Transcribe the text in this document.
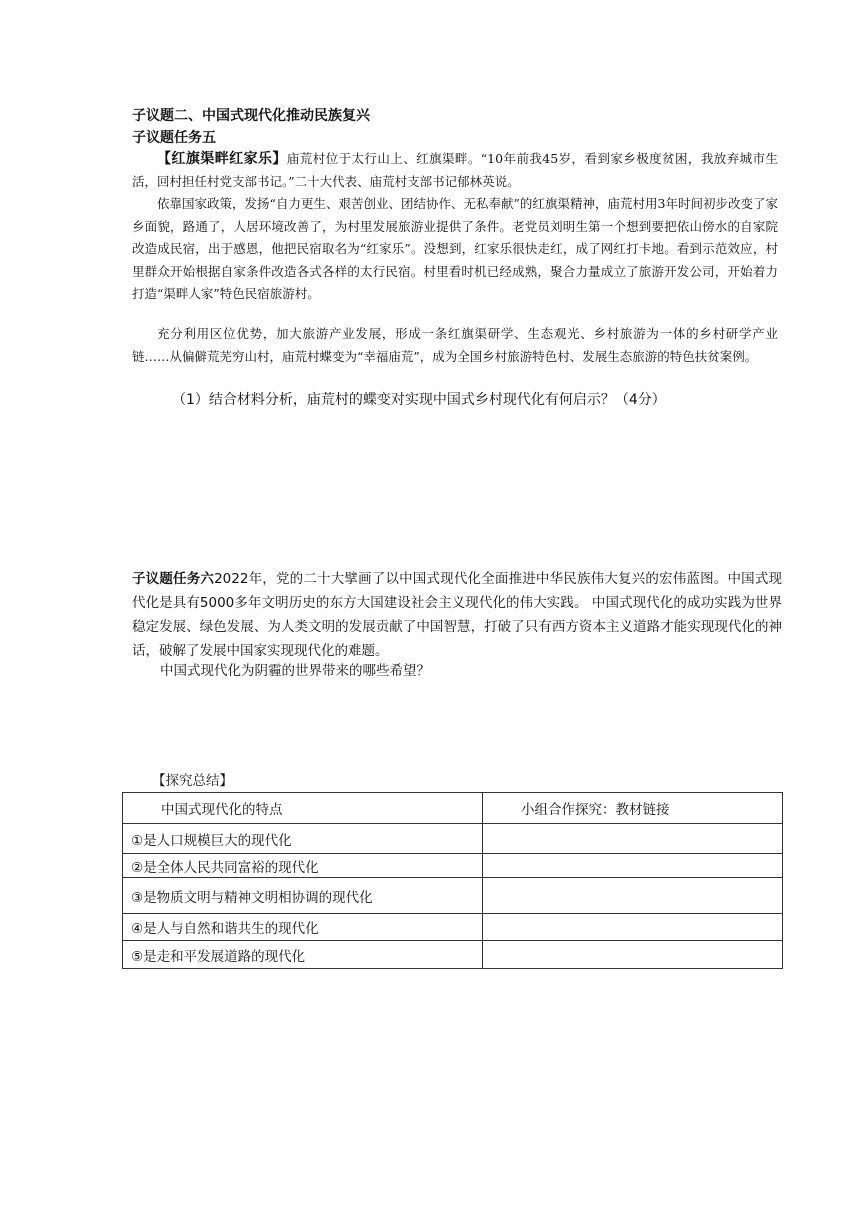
子议题二、中国式现代化推动民族复兴
子议题任务五
【红旗渠畔红家乐】庙荒村位于太行山上、红旗渠畔。“10年前我45岁，看到家乡极度贫困，我放弃城市生活，回村担任村党支部书记。”二十大代表、庙荒村支部书记郁林英说。
依靠国家政策，发扬“自力更生、艰苦创业、团结协作、无私奉献”的红旗渠精神，庙荒村用3年时间初步改变了家乡面貌，路通了，人居环境改善了，为村里发展旅游业提供了条件。老党员刘明生第一个想到要把依山傍水的自家院改造成民宿，出于感恩，他把民宿取名为“红家乐”。没想到，红家乐很快走红，成了网红打卡地。看到示范效应，村里群众开始根据自家条件改造各式各样的太行民宿。村里看时机已经成熟，聚合力量成立了旅游开发公司，开始着力打造“渠畔人家”特色民宿旅游村。
充分利用区位优势，加大旅游产业发展，形成一条红旗渠研学、生态观光、乡村旅游为一体的乡村研学产业链……从偏僻荒芜穷山村，庙荒村蝶变为“幸福庙荒”，成为全国乡村旅游特色村、发展生态旅游的特色扶贫案例。
（1）结合材料分析，庙荒村的蝶变对实现中国式乡村现代化有何启示？（4分）
子议题任务六2022年，党的二十大擘画了以中国式现代化全面推进中华民族伟大复兴的宏伟蓝图。中国式现代化是具有5000多年文明历史的东方大国建设社会主义现代化的伟大实践。 中国式现代化的成功实践为世界稳定发展、绿色发展、为人类文明的发展贡献了中国智慧，打破了只有西方资本主义道路才能实现现代化的神话，破解了发展中国家实现现代化的难题。
中国式现代化为阴霾的世界带来的哪些希望？
【探究总结】
中国式现代化的特点	小组合作探究：教材链接
①是人口规模巨大的现代化	
②是全体人民共同富裕的现代化	
③是物质文明与精神文明相协调的现代化	
④是人与自然和谐共生的现代化	
⑤是走和平发展道路的现代化	
